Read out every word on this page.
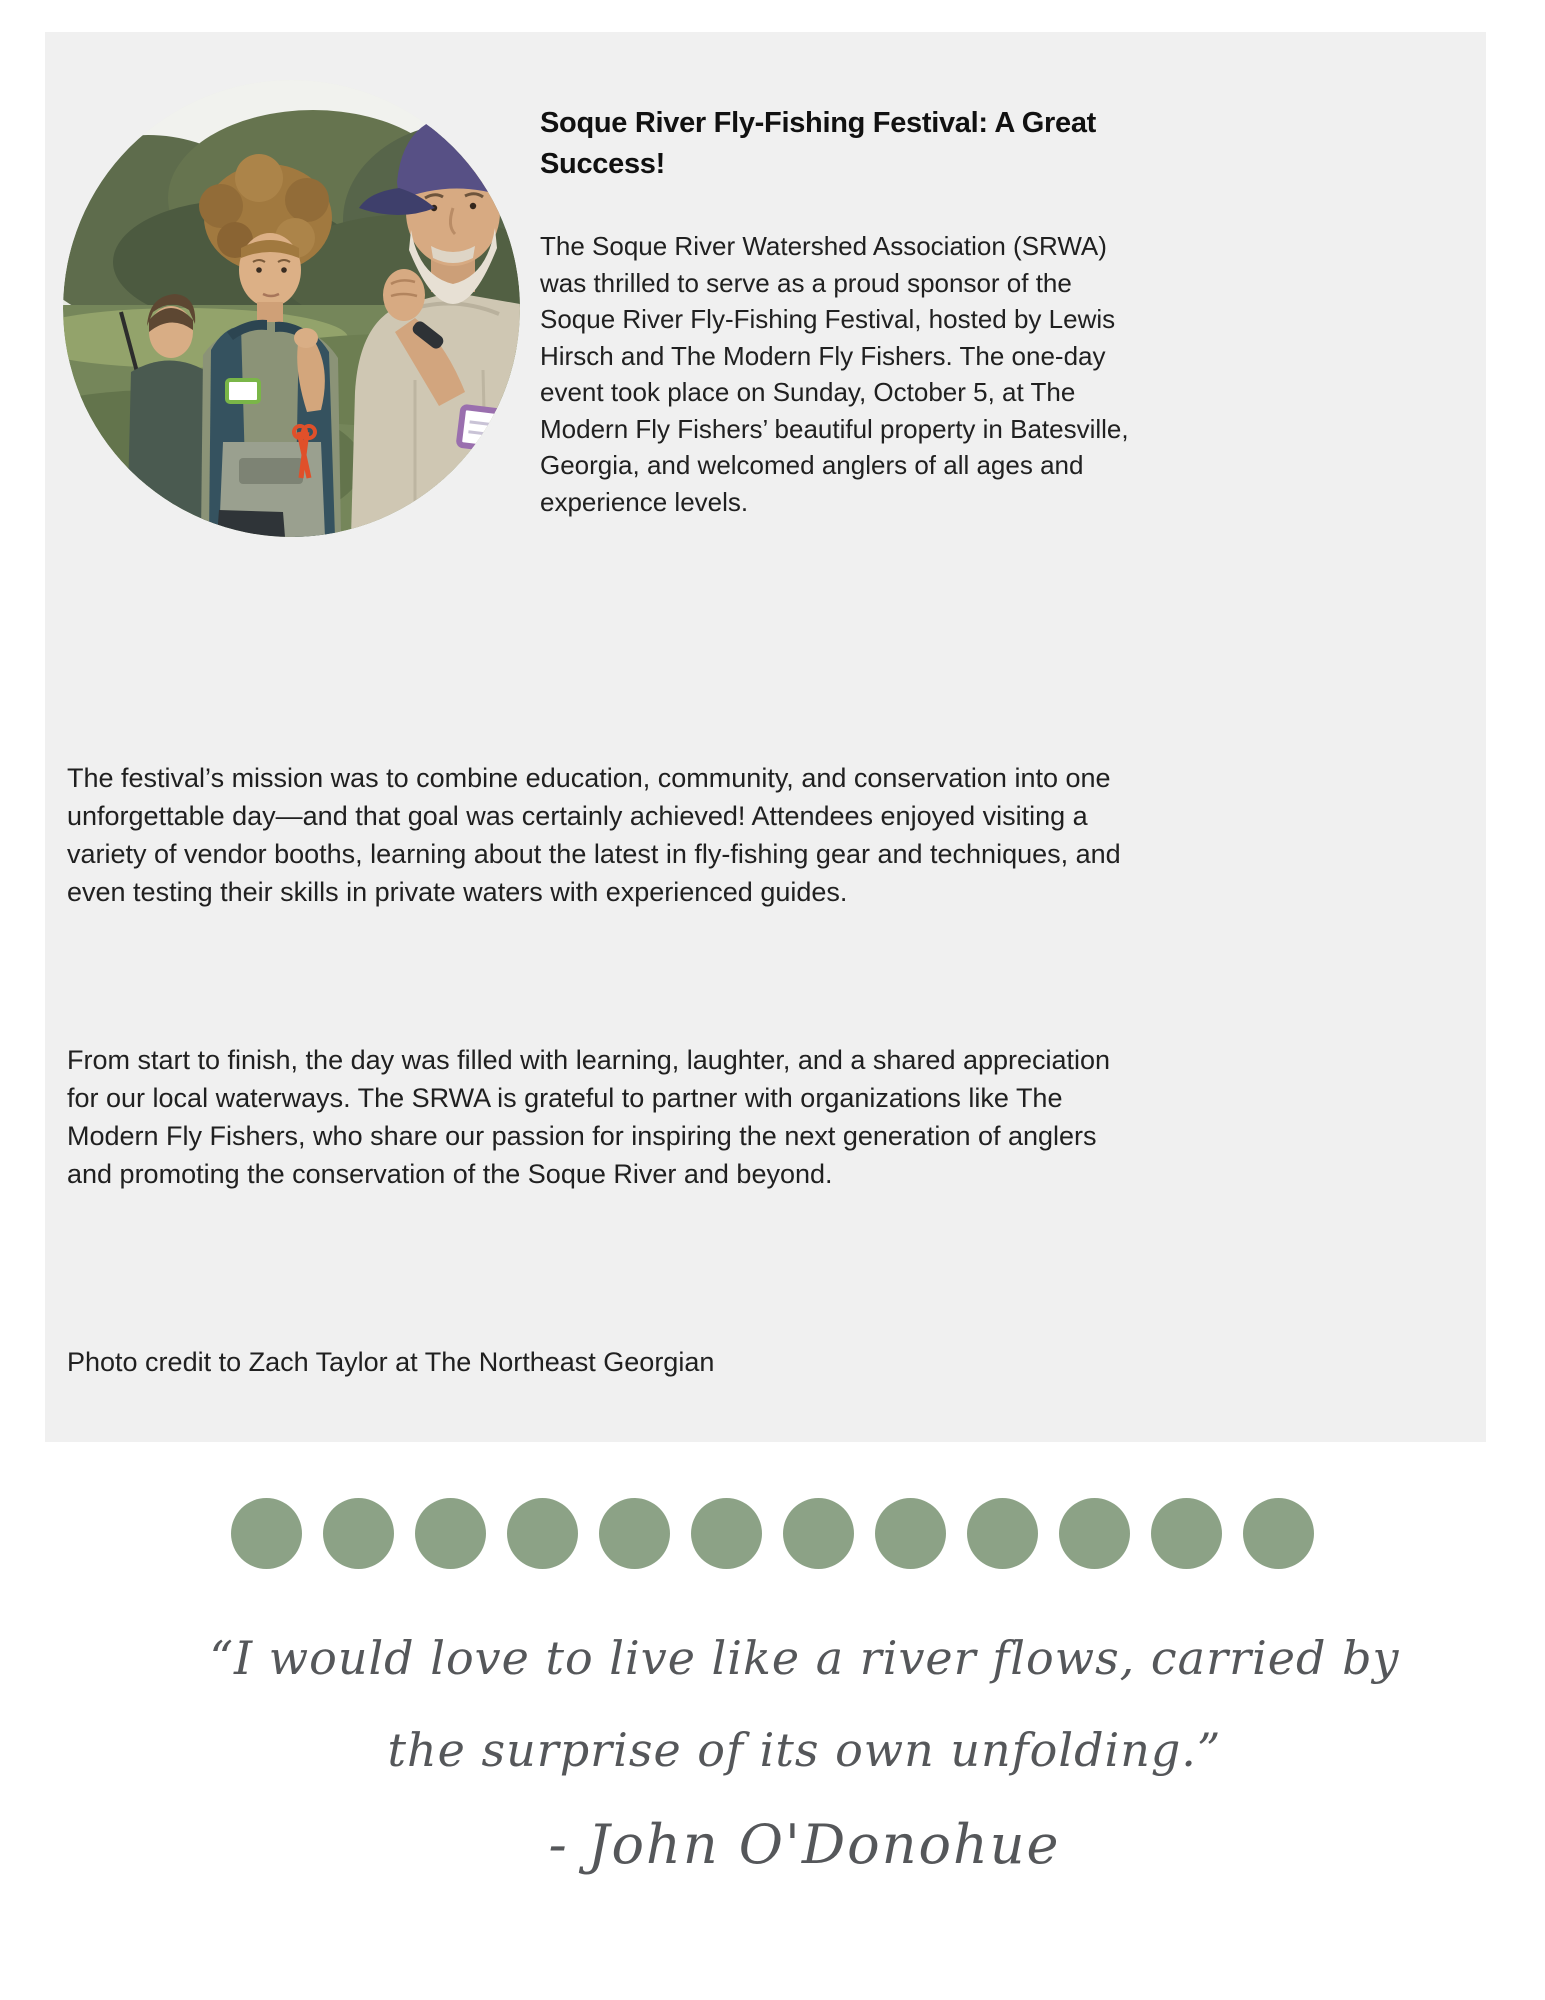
Soque River Fly-Fishing Festival: A Great Success!

The Soque River Watershed Association (SRWA) was thrilled to serve as a proud sponsor of the Soque River Fly-Fishing Festival, hosted by Lewis Hirsch and The Modern Fly Fishers. The one-day event took place on Sunday, October 5, at The Modern Fly Fishers’ beautiful property in Batesville, Georgia, and welcomed anglers of all ages and experience levels.

The festival’s mission was to combine education, community, and conservation into one unforgettable day—and that goal was certainly achieved! Attendees enjoyed visiting a variety of vendor booths, learning about the latest in fly-fishing gear and techniques, and even testing their skills in private waters with experienced guides.

From start to finish, the day was filled with learning, laughter, and a shared appreciation for our local waterways. The SRWA is grateful to partner with organizations like The Modern Fly Fishers, who share our passion for inspiring the next generation of anglers and promoting the conservation of the Soque River and beyond.

Photo credit to Zach Taylor at The Northeast Georgian

“I would love to live like a river flows, carried by
the surprise of its own unfolding.”
- John O'Donohue
